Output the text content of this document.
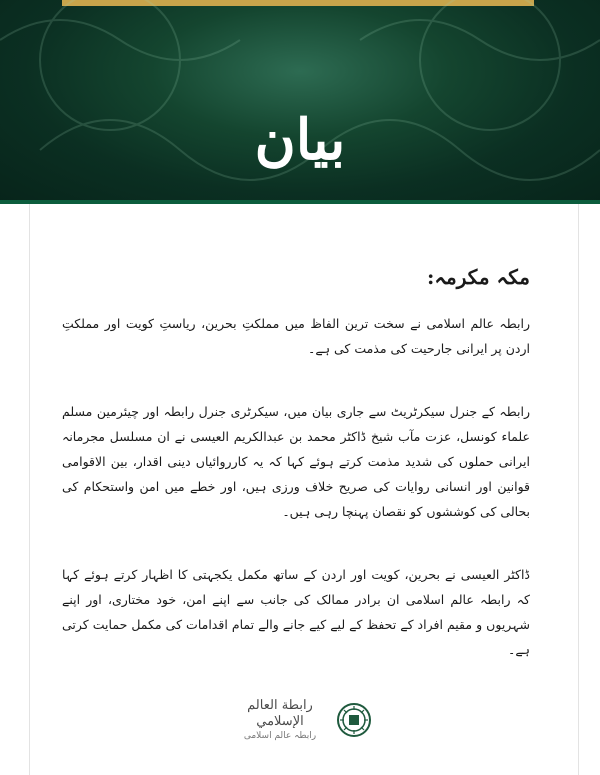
بیان
مکہ مکرمہ:

رابطہ عالم اسلامی نے سخت ترین الفاظ میں مملکتِ بحرین، ریاستِ کویت اور مملکتِ اردن پر ایرانی جارحیت کی مذمت کی ہے۔

رابطہ کے جنرل سیکرٹریٹ سے جاری بیان میں، سیکرٹری جنرل رابطہ اور چیئرمین مسلم علماء کونسل، عزت مآب شیخ ڈاکٹر محمد بن عبدالکریم العیسی نے ان مسلسل مجرمانہ ایرانی حملوں کی شدید مذمت کرتے ہوئے کہا کہ یہ کارروائیاں دینی اقدار، بین الاقوامی قوانین اور انسانی روایات کی صریح خلاف ورزی ہیں، اور خطے میں امن واستحکام کی بحالی کی کوششوں کو نقصان پہنچا رہی ہیں۔

ڈاکٹر العیسی نے بحرین، کویت اور اردن کے ساتھ مکمل یکجہتی کا اظہار کرتے ہوئے کہا کہ رابطہ عالم اسلامی ان برادر ممالک کی جانب سے اپنے امن، خود مختاری، اور اپنے شہریوں و مقیم افراد کے تحفظ کے لیے کیے جانے والے تمام اقدامات کی مکمل حمایت کرتی ہے۔

رابطة العالم الإسلامي
رابطہ عالم اسلامی
